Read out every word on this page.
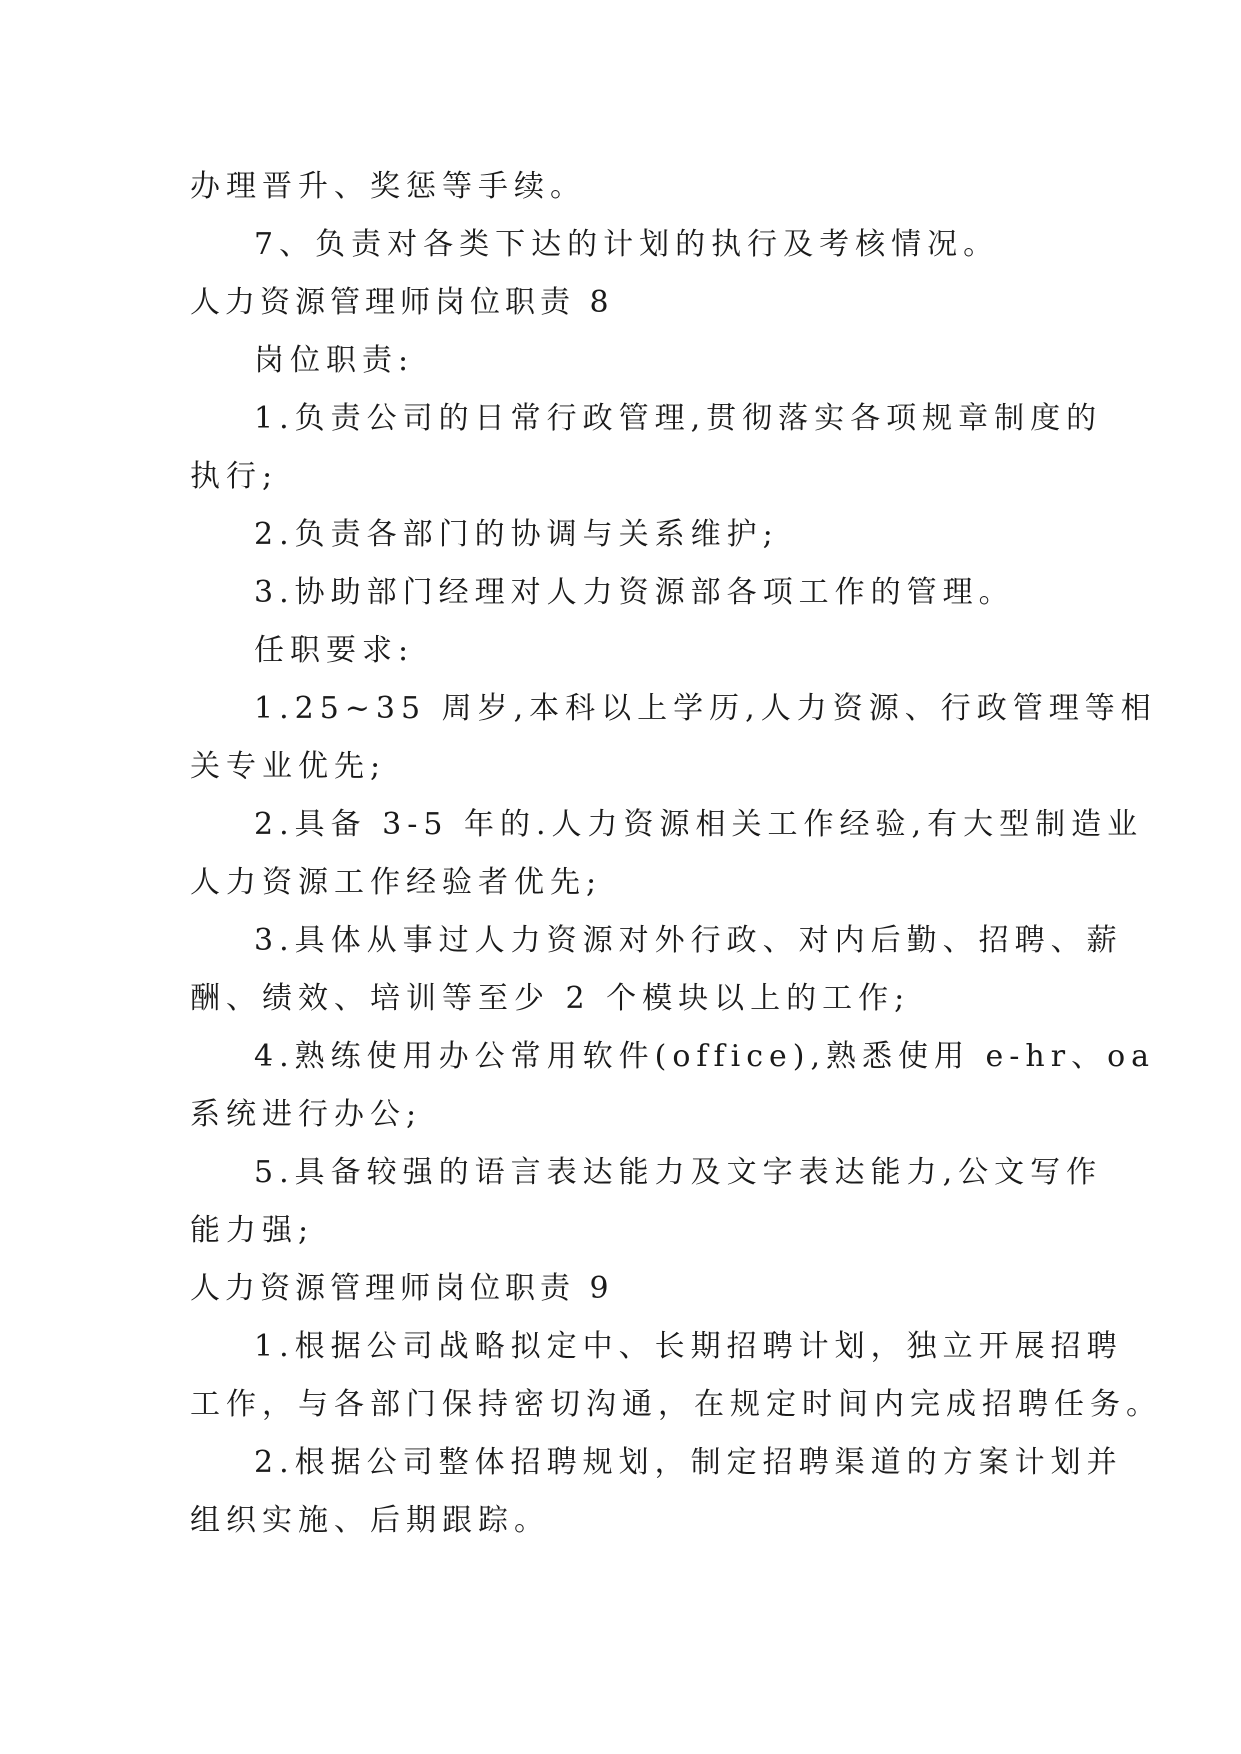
办理晋升、奖惩等手续。
7、负责对各类下达的计划的执行及考核情况。
人力资源管理师岗位职责 8
岗位职责:
1.负责公司的日常行政管理,贯彻落实各项规章制度的
执行;
2.负责各部门的协调与关系维护;
3.协助部门经理对人力资源部各项工作的管理。
任职要求:
1.25~35 周岁,本科以上学历,人力资源、行政管理等相
关专业优先;
2.具备 3-5 年的.人力资源相关工作经验,有大型制造业
人力资源工作经验者优先;
3.具体从事过人力资源对外行政、对内后勤、招聘、薪
酬、绩效、培训等至少 2 个模块以上的工作;
4.熟练使用办公常用软件(office),熟悉使用 e-hr、oa
系统进行办公;
5.具备较强的语言表达能力及文字表达能力,公文写作
能力强;
人力资源管理师岗位职责 9
1.根据公司战略拟定中、长期招聘计划，独立开展招聘
工作，与各部门保持密切沟通，在规定时间内完成招聘任务。
2.根据公司整体招聘规划，制定招聘渠道的方案计划并
组织实施、后期跟踪。
